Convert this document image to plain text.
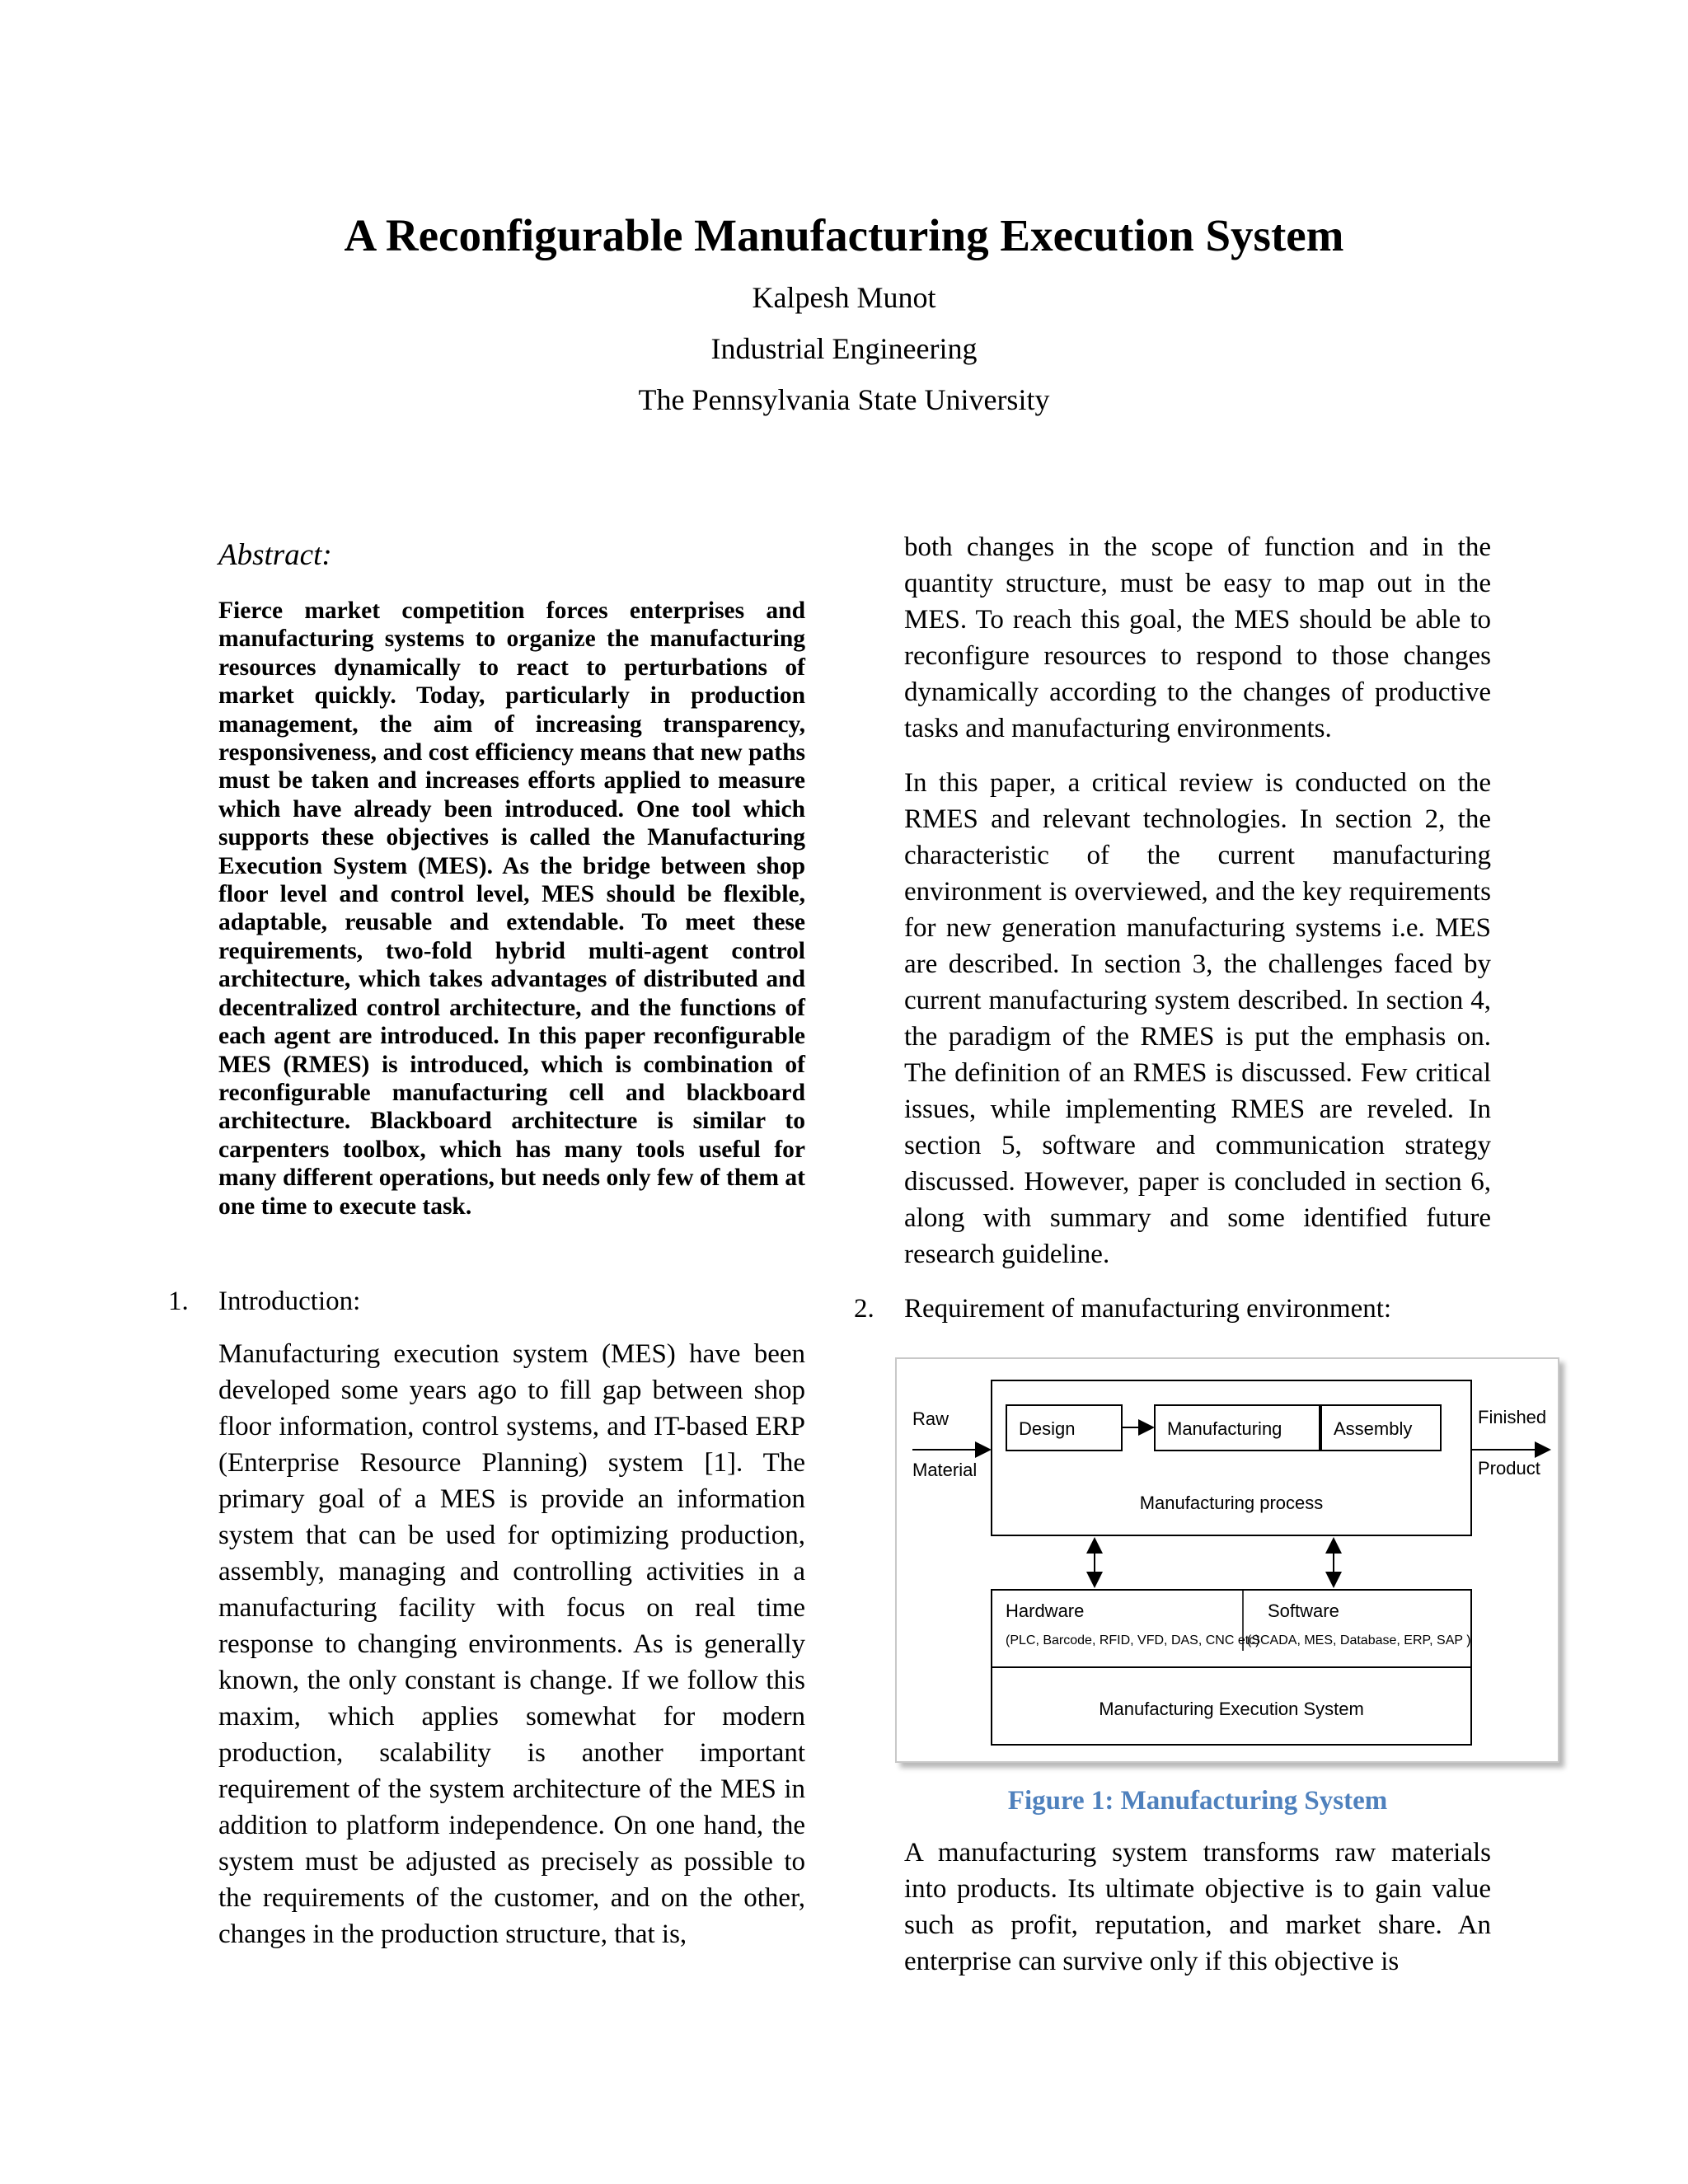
A Reconfigurable Manufacturing Execution System
Kalpesh Munot
Industrial Engineering
The Pennsylvania State University
Abstract:

Fierce market competition forces enterprises and manufacturing systems to organize the manufacturing resources dynamically to react to perturbations of market quickly. Today, particularly in production management, the aim of increasing transparency, responsiveness, and cost efficiency means that new paths must be taken and increases efforts applied to measure which have already been introduced. One tool which supports these objectives is called the Manufacturing Execution System (MES). As the bridge between shop floor level and control level, MES should be flexible, adaptable, reusable and extendable. To meet these requirements, two-fold hybrid multi-agent control architecture, which takes advantages of distributed and decentralized control architecture, and the functions of each agent are introduced. In this paper reconfigurable MES (RMES) is introduced, which is combination of reconfigurable manufacturing cell and blackboard architecture. Blackboard architecture is similar to carpenters toolbox, which has many tools useful for many different operations, but needs only few of them at one time to execute task.

1. Introduction:

Manufacturing execution system (MES) have been developed some years ago to fill gap between shop floor information, control systems, and IT-based ERP (Enterprise Resource Planning) system [1]. The primary goal of a MES is provide an information system that can be used for optimizing production, assembly, managing and controlling activities in a manufacturing facility with focus on real time response to changing environments. As is generally known, the only constant is change. If we follow this maxim, which applies somewhat for modern production, scalability is another important requirement of the system architecture of the MES in addition to platform independence. On one hand, the system must be adjusted as precisely as possible to the requirements of the customer, and on the other, changes in the production structure, that is,

both changes in the scope of function and in the quantity structure, must be easy to map out in the MES. To reach this goal, the MES should be able to reconfigure resources to respond to those changes dynamically according to the changes of productive tasks and manufacturing environments.

In this paper, a critical review is conducted on the RMES and relevant technologies. In section 2, the characteristic of the current manufacturing environment is overviewed, and the key requirements for new generation manufacturing systems i.e. MES are described. In section 3, the challenges faced by current manufacturing system described. In section 4, the paradigm of the RMES is put the emphasis on. The definition of an RMES is discussed. Few critical issues, while implementing RMES are reveled. In section 5, software and communication strategy discussed. However, paper is concluded in section 6, along with summary and some identified future research guideline.

2. Requirement of manufacturing environment:
Design	Manufacturing	Assembly
Manufacturing process
Raw
Material
Finished
Product
Hardware
(PLC, Barcode, RFID, VFD, DAS, CNC etc)
Software
(SCADA, MES, Database, ERP, SAP )
Manufacturing Execution System
Figure 1: Manufacturing System

A manufacturing system transforms raw materials into products. Its ultimate objective is to gain value such as profit, reputation, and market share. An enterprise can survive only if this objective is
